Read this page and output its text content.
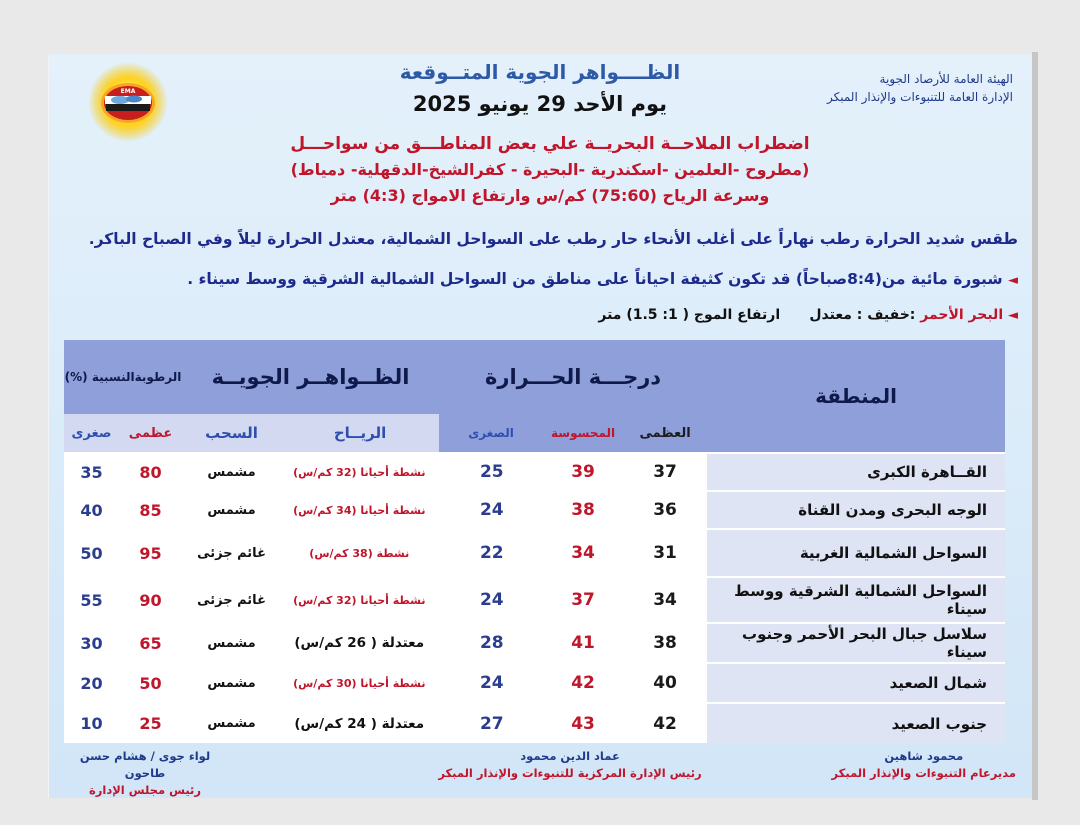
EMA
الهيئة العامة للأرصاد الجوية
الإدارة العامة للتنبوءات والإنذار المبكر
الظــــواهر الجوية المتــوقعة
يوم الأحد 29 يونيو 2025
اضطراب الملاحــة البحريــة علي بعض المناطـــق من سواحـــل
(مطروح -العلمين -اسكندرية -البحيرة - كفرالشيخ-الدقهلية- دمياط)
وسرعة الرياح (75:60) كم/س وارتفاع الامواج (4:3) متر
طقس شديد الحرارة رطب نهاراً على أغلب الأنحاء حار رطب على السواحل الشمالية، معتدل الحرارة ليلاً وفي الصباح الباكر.
◄ شبورة مائية من(8:4صباحاً) قد تكون كثيفة احياناً على مناطق من السواحل الشمالية الشرقية ووسط سيناء .
◄ البحر الأحمر :خفيف : معتدل      ارتفاع الموج ( 1: 1.5) متر
المنطقة	درجـــة الحـــرارة			الظــواهــر الجويــة		الرطوبةالنسبية (%)	
	العظمى	المحسوسة	الصغرى	الريــاح	السحب	عظمى	صغرى
القــاهرة الكبرى	37	39	25	نشطة أحيانا (32 كم/س)	مشمس	80	35
الوجه البحرى ومدن القناة	36	38	24	نشطة أحيانا (34 كم/س)	مشمس	85	40
السواحل الشمالية الغربية	31	34	22	نشطة (38 كم/س)	غائم جزئى	95	50
السواحل الشمالية الشرقية ووسط سيناء	34	37	24	نشطة أحيانا (32 كم/س)	غائم جزئى	90	55
سلاسل جبال البحر الأحمر وجنوب سيناء	38	41	28	معتدلة ( 26 كم/س)	مشمس	65	30
شمال الصعيد	40	42	24	نشطة أحيانا (30 كم/س)	مشمس	50	20
جنوب الصعيد	42	43	27	معتدلة ( 24 كم/س)	مشمس	25	10
محمود شاهين
مديرعام التنبوءات والإنذار المبكر
عماد الدين محمود
رئيس الإدارة المركزية للتنبوءات والإنذار المبكر
لواء جوى / هشام حسن طاحون
رئيس مجلس الإدارة
